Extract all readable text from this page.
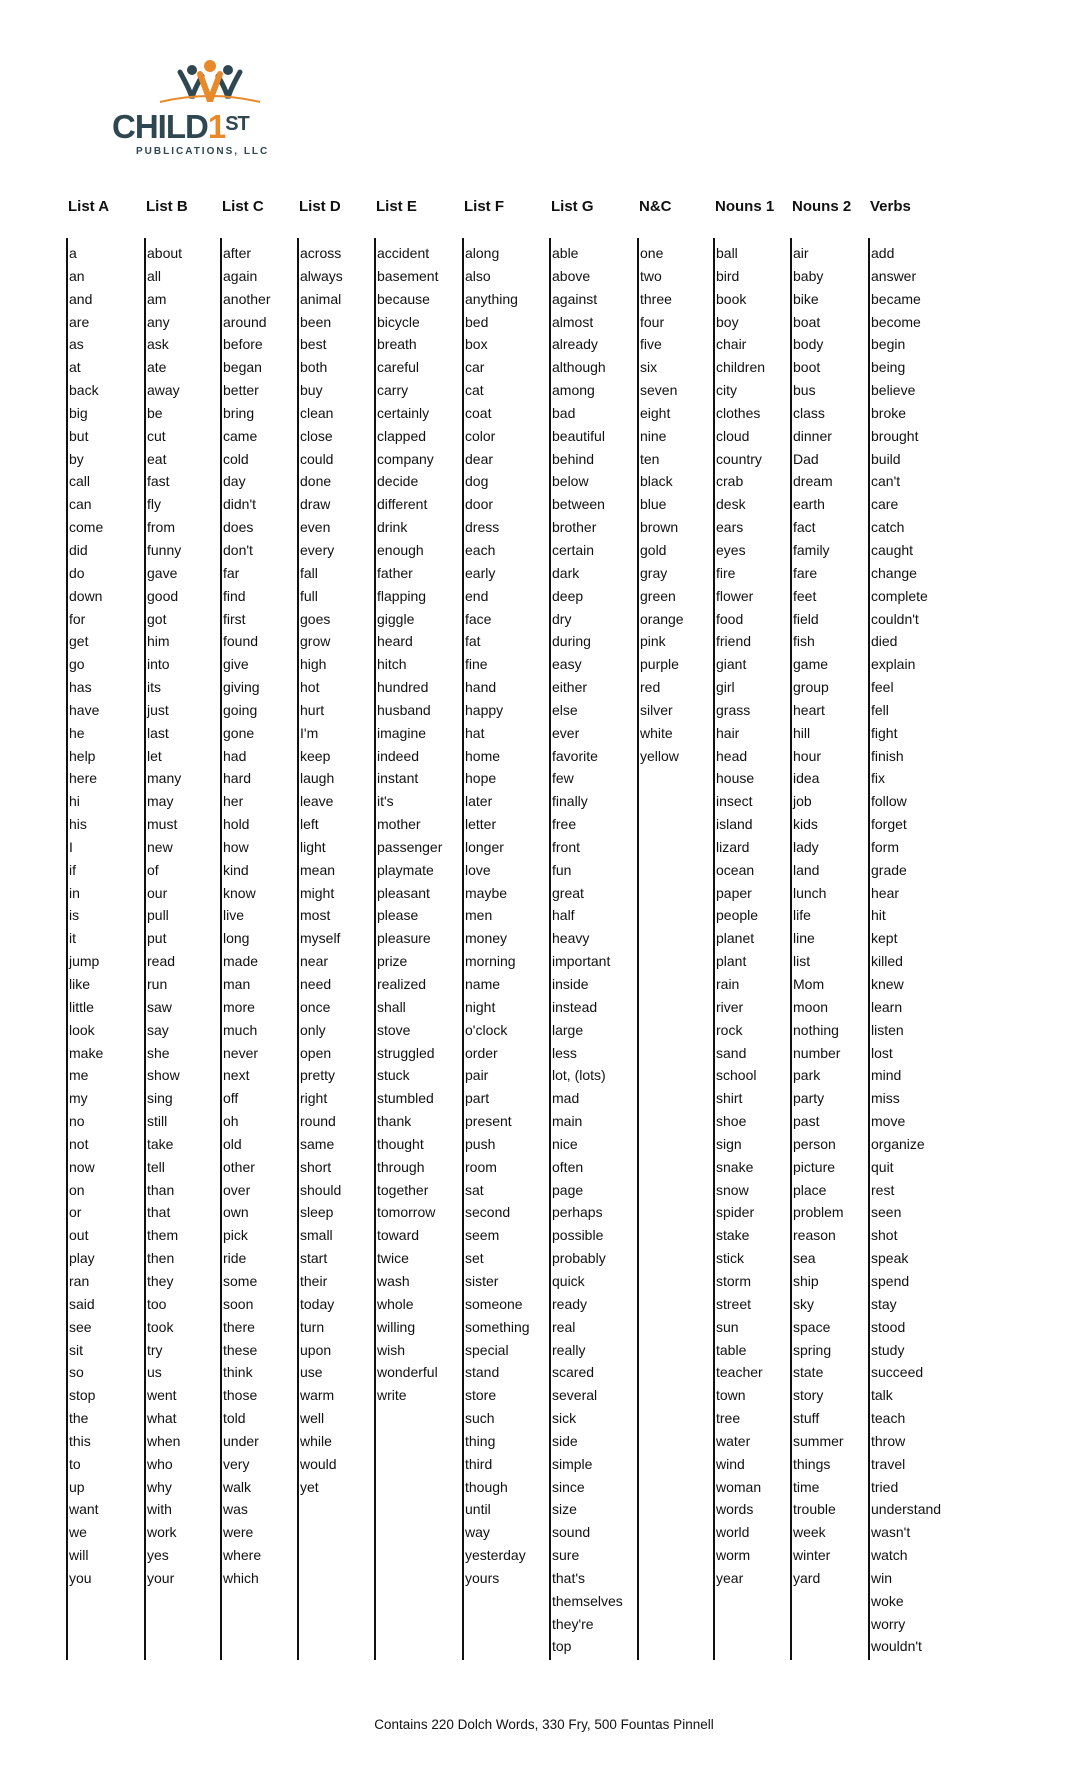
CHILD1ST
PUBLICATIONS, LLC
List A
a
an
and
are
as
at
back
big
but
by
call
can
come
did
do
down
for
get
go
has
have
he
help
here
hi
his
I
if
in
is
it
jump
like
little
look
make
me
my
no
not
now
on
or
out
play
ran
said
see
sit
so
stop
the
this
to
up
want
we
will
you
List B
about
all
am
any
ask
ate
away
be
cut
eat
fast
fly
from
funny
gave
good
got
him
into
its
just
last
let
many
may
must
new
of
our
pull
put
read
run
saw
say
she
show
sing
still
take
tell
than
that
them
then
they
too
took
try
us
went
what
when
who
why
with
work
yes
your
List C
after
again
another
around
before
began
better
bring
came
cold
day
didn't
does
don't
far
find
first
found
give
giving
going
gone
had
hard
her
hold
how
kind
know
live
long
made
man
more
much
never
next
off
oh
old
other
over
own
pick
ride
some
soon
there
these
think
those
told
under
very
walk
was
were
where
which
List D
across
always
animal
been
best
both
buy
clean
close
could
done
draw
even
every
fall
full
goes
grow
high
hot
hurt
I'm
keep
laugh
leave
left
light
mean
might
most
myself
near
need
once
only
open
pretty
right
round
same
short
should
sleep
small
start
their
today
turn
upon
use
warm
well
while
would
yet
List E
accident
basement
because
bicycle
breath
careful
carry
certainly
clapped
company
decide
different
drink
enough
father
flapping
giggle
heard
hitch
hundred
husband
imagine
indeed
instant
it's
mother
passenger
playmate
pleasant
please
pleasure
prize
realized
shall
stove
struggled
stuck
stumbled
thank
thought
through
together
tomorrow
toward
twice
wash
whole
willing
wish
wonderful
write
List F
along
also
anything
bed
box
car
cat
coat
color
dear
dog
door
dress
each
early
end
face
fat
fine
hand
happy
hat
home
hope
later
letter
longer
love
maybe
men
money
morning
name
night
o'clock
order
pair
part
present
push
room
sat
second
seem
set
sister
someone
something
special
stand
store
such
thing
third
though
until
way
yesterday
yours
List G
able
above
against
almost
already
although
among
bad
beautiful
behind
below
between
brother
certain
dark
deep
dry
during
easy
either
else
ever
favorite
few
finally
free
front
fun
great
half
heavy
important
inside
instead
large
less
lot, (lots)
mad
main
nice
often
page
perhaps
possible
probably
quick
ready
real
really
scared
several
sick
side
simple
since
size
sound
sure
that's
themselves
they're
top
N&C
one
two
three
four
five
six
seven
eight
nine
ten
black
blue
brown
gold
gray
green
orange
pink
purple
red
silver
white
yellow
Nouns 1
ball
bird
book
boy
chair
children
city
clothes
cloud
country
crab
desk
ears
eyes
fire
flower
food
friend
giant
girl
grass
hair
head
house
insect
island
lizard
ocean
paper
people
planet
plant
rain
river
rock
sand
school
shirt
shoe
sign
snake
snow
spider
stake
stick
storm
street
sun
table
teacher
town
tree
water
wind
woman
words
world
worm
year
Nouns 2
air
baby
bike
boat
body
boot
bus
class
dinner
Dad
dream
earth
fact
family
fare
feet
field
fish
game
group
heart
hill
hour
idea
job
kids
lady
land
lunch
life
line
list
Mom
moon
nothing
number
park
party
past
person
picture
place
problem
reason
sea
ship
sky
space
spring
state
story
stuff
summer
things
time
trouble
week
winter
yard
Verbs
add
answer
became
become
begin
being
believe
broke
brought
build
can't
care
catch
caught
change
complete
couldn't
died
explain
feel
fell
fight
finish
fix
follow
forget
form
grade
hear
hit
kept
killed
knew
learn
listen
lost
mind
miss
move
organize
quit
rest
seen
shot
speak
spend
stay
stood
study
succeed
talk
teach
throw
travel
tried
understand
wasn't
watch
win
woke
worry
wouldn't
Contains 220 Dolch Words, 330 Fry, 500 Fountas Pinnell
